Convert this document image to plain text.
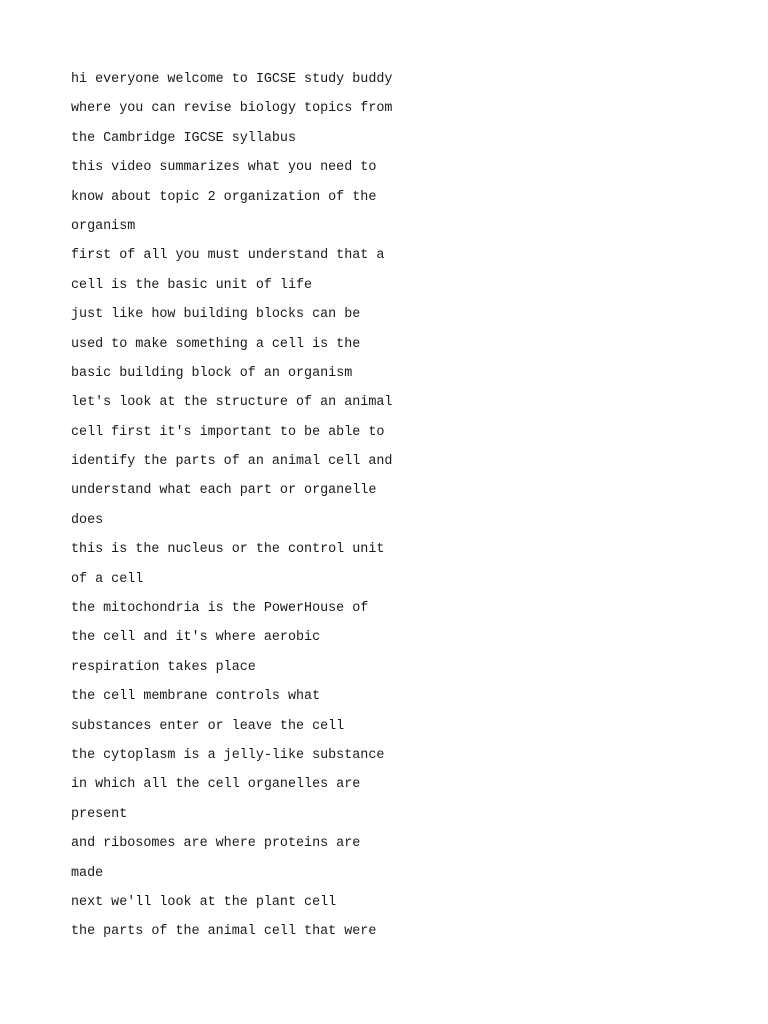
hi everyone welcome to IGCSE study buddy
where you can revise biology topics from
the Cambridge IGCSE syllabus
this video summarizes what you need to
know about topic 2 organization of the
organism
first of all you must understand that a
cell is the basic unit of life
just like how building blocks can be
used to make something a cell is the
basic building block of an organism
let's look at the structure of an animal
cell first it's important to be able to
identify the parts of an animal cell and
understand what each part or organelle
does
this is the nucleus or the control unit
of a cell
the mitochondria is the PowerHouse of
the cell and it's where aerobic
respiration takes place
the cell membrane controls what
substances enter or leave the cell
the cytoplasm is a jelly-like substance
in which all the cell organelles are
present
and ribosomes are where proteins are
made
next we'll look at the plant cell
the parts of the animal cell that were
